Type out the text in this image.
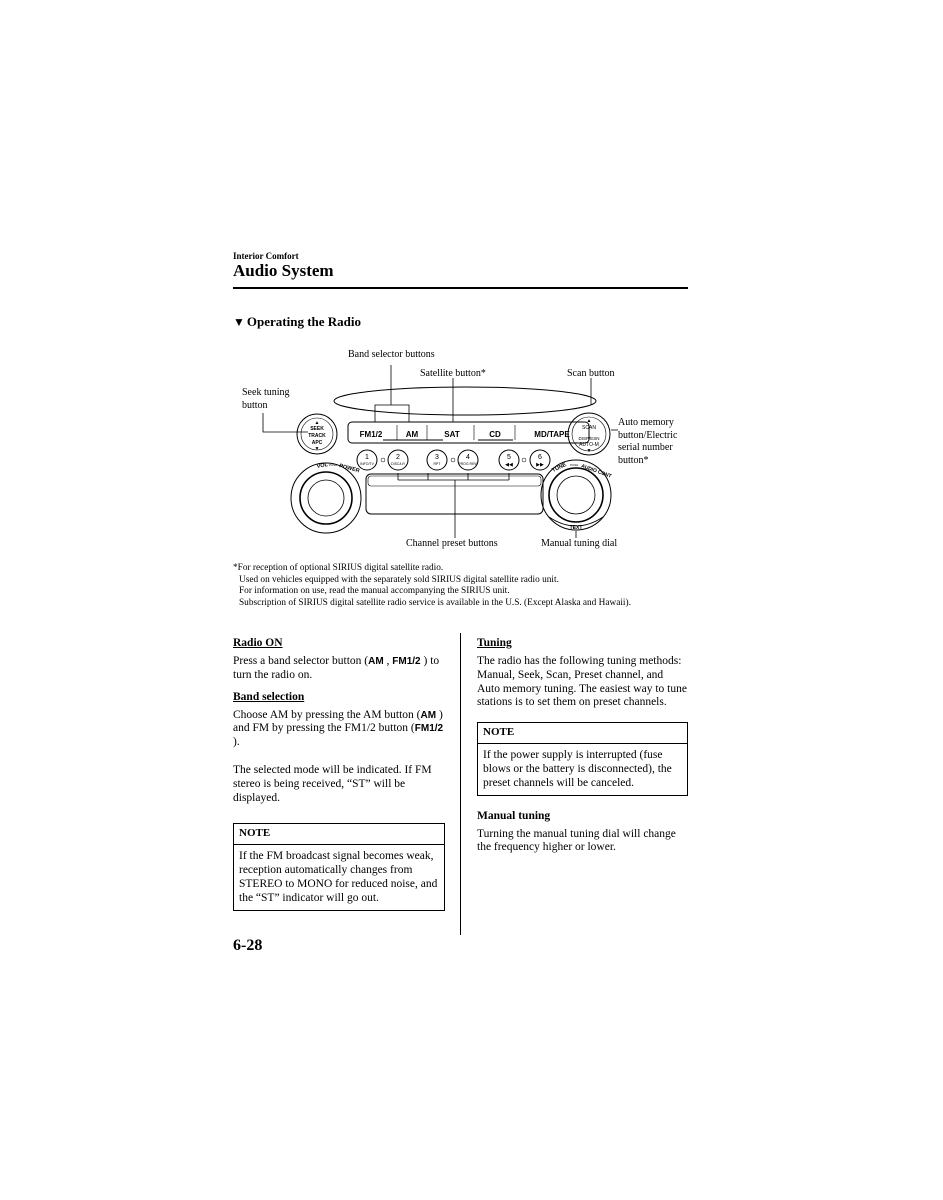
Interior Comfort
Audio System
▼ Operating the Radio
FM1/2	AM	SAT	CD	MD/TAPE
▲
SEEK
TRACK
APC
▼
▲
SCAN
DISP/ESN
AUTO-M
▼
1
INFO/TV
2
DISC/LR
3
RPT
4
PROG REW
5
◀◀
6
▶▶
VOL PUSH POWER	TUNE PUSH AUDIO CONT
TEXT
Band selector buttons
Satellite button*	Scan button
Seek tuning
button
Auto memory
button/Electric
serial number
button*
Channel preset buttons	Manual tuning dial
*For reception of optional SIRIUS digital satellite radio.
Used on vehicles equipped with the separately sold SIRIUS digital satellite radio unit.
For information on use, read the manual accompanying the SIRIUS unit.
Subscription of SIRIUS digital satellite radio service is available in the U.S. (Except Alaska and Hawaii).
Radio ON
Press a band selector button (AM , FM1/2 ) to turn the radio on.
Band selection
Choose AM by pressing the AM button (AM ) and FM by pressing the FM1/2 button (FM1/2 ).
The selected mode will be indicated. If FM stereo is being received, “ST” will be displayed.
NOTE
If the FM broadcast signal becomes weak, reception automatically changes from STEREO to MONO for reduced noise, and the “ST” indicator will go out.
Tuning
The radio has the following tuning methods: Manual, Seek, Scan, Preset channel, and Auto memory tuning. The easiest way to tune stations is to set them on preset channels.
NOTE
If the power supply is interrupted (fuse blows or the battery is disconnected), the preset channels will be canceled.
Manual tuning
Turning the manual tuning dial will change the frequency higher or lower.
6-28
